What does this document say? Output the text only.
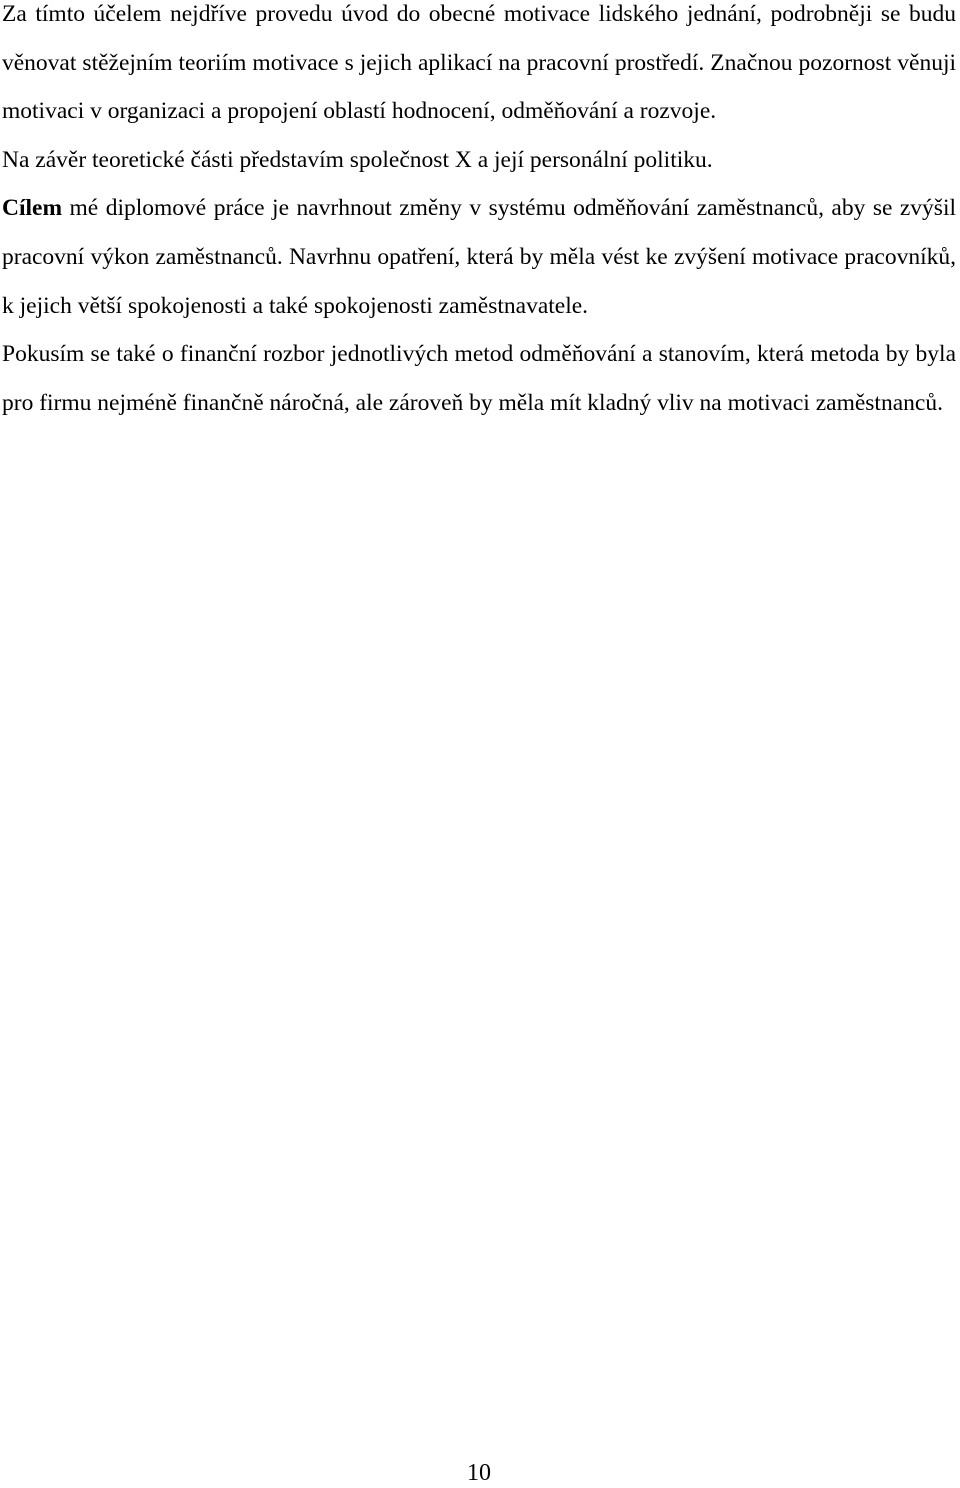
Za tímto účelem nejdříve provedu úvod do obecné motivace lidského jednání, podrobněji se budu věnovat stěžejním teoriím motivace s jejich aplikací na pracovní prostředí. Značnou pozornost věnuji motivaci v organizaci a propojení oblastí hodnocení, odměňování a rozvoje.

Na závěr teoretické části představím společnost X a její personální politiku.

Cílem mé diplomové práce je navrhnout změny v systému odměňování zaměstnanců, aby se zvýšil pracovní výkon zaměstnanců. Navrhnu opatření, která by měla vést ke zvýšení motivace pracovníků, k jejich větší spokojenosti a také spokojenosti zaměstnavatele.

Pokusím se také o finanční rozbor jednotlivých metod odměňování a stanovím, která metoda by byla pro firmu nejméně finančně náročná, ale zároveň by měla mít kladný vliv na motivaci zaměstnanců.

10
